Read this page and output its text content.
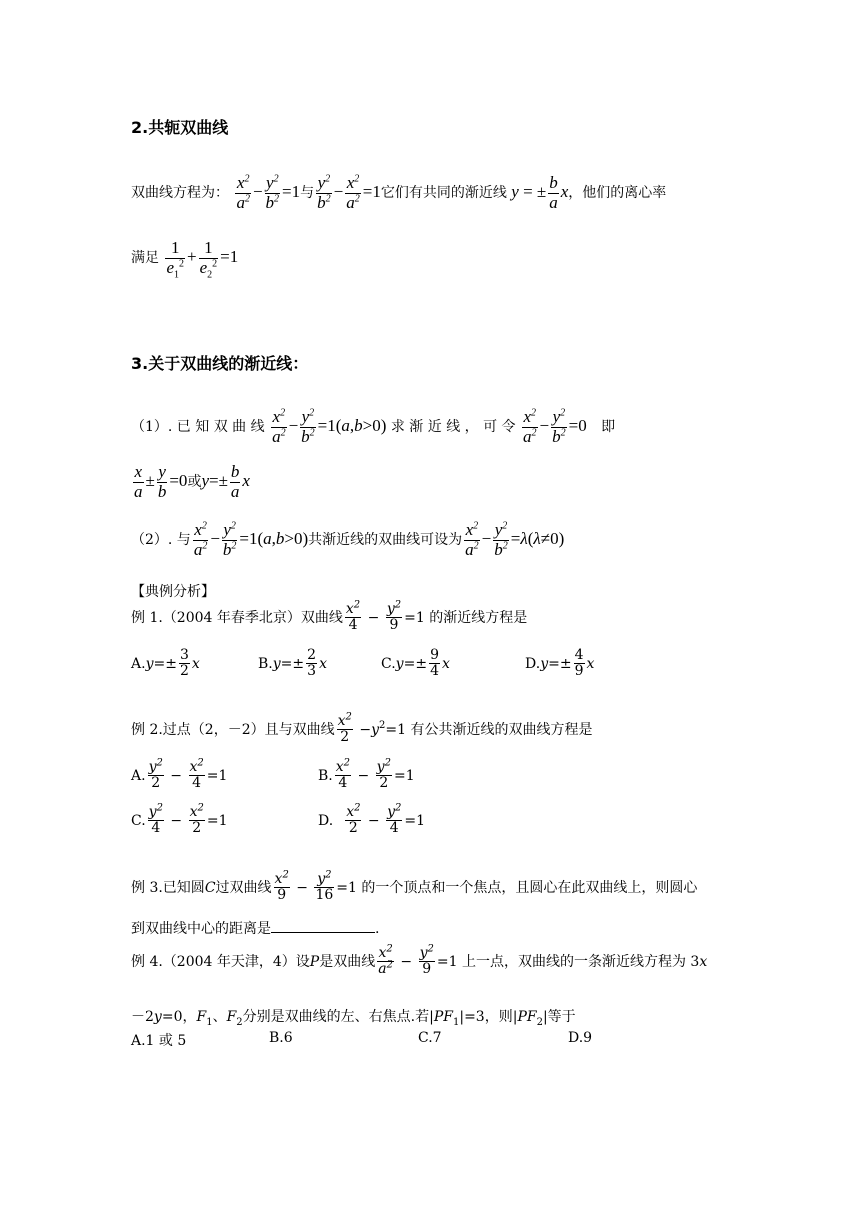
2.共轭双曲线
双曲线方程为： $\frac{x^2}{a^2} - \frac{y^2}{b^2} =1$与 $\frac{y^2}{b^2} - \frac{x^2}{a^2} =1$它们有共同的渐近线 y = ± $\frac{b}{a}$ x，他们的离心率
满足 $\frac{1}{e_1^2} + \frac{1}{e_2^2} =1$
3.关于双曲线的渐近线：
（1）. 已 知 双 曲 线 $\frac{x^2}{a^2} - \frac{y^2}{b^2} =1(a,b>0)$ 求 渐 近 线 ， 可 令 $\frac{x^2}{a^2} - \frac{y^2}{b^2} =0$ 即
$\frac{x}{a} \pm \frac{y}{b} =0$或$y=\pm \frac{b}{a}$ x
（2）. 与 $\frac{x^2}{a^2} - \frac{y^2}{b^2} =1(a,b>0)$共渐近线的双曲线可设为 $\frac{x^2}{a^2} - \frac{y^2}{b^2} =\lambda(\lambda\ne 0)$
【典例分析】
例 1.（2004 年春季北京）双曲线 $\frac{x^2}{4} - \frac{y^2}{9} =1$ 的渐近线方程是
$A.y=\pm \frac{3}{2}$ x	$B.y=\pm \frac{2}{3}$ x	$C.y=\pm \frac{9}{4}$ x	$D.y=\pm \frac{4}{9}$ x
例 2.过点（2，－2）且与双曲线 $\frac{x^2}{2} -y^2=1$ 有公共渐近线的双曲线方程是
A. $\frac{y^2}{2} - \frac{x^2}{4} =1$	B. $\frac{x^2}{4} - \frac{y^2}{2} =1$
C. $\frac{y^2}{4} - \frac{x^2}{2} =1$	D. $\frac{x^2}{2} - \frac{y^2}{4} =1$
例 3.已知圆C过双曲线 $\frac{x^2}{9} - \frac{y^2}{16} =1$ 的一个顶点和一个焦点，且圆心在此双曲线上，则圆心
到双曲线中心的距离是	.
例 4.（2004 年天津，4）设P是双曲线 $\frac{x^2}{a^2} - \frac{y^2}{9} =1$ 上一点，双曲线的一条渐近线方程为 3x
－2y=0，$F_1$、$F_2$分别是双曲线的左、右焦点.若$|PF_1|=3$，则$|PF_2|$等于
A.1 或 5	B.6	C.7	D.9
